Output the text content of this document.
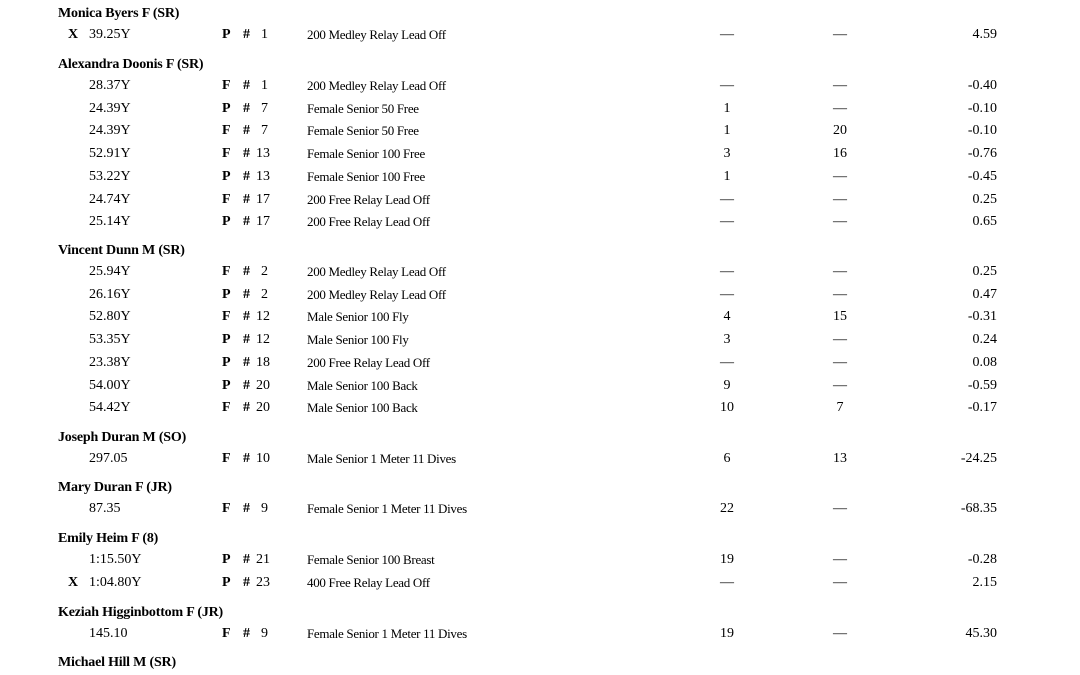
Monica Byers F (SR)
X 39.25Y	P # 1	200 Medley Relay Lead Off	—	—	4.59
Alexandra Doonis F (SR)
28.37Y	F # 1	200 Medley Relay Lead Off	—	—	-0.40
24.39Y	P # 7	Female Senior 50 Free	1	—	-0.10
24.39Y	F # 7	Female Senior 50 Free	1	20	-0.10
52.91Y	F # 13	Female Senior 100 Free	3	16	-0.76
53.22Y	P # 13	Female Senior 100 Free	1	—	-0.45
24.74Y	F # 17	200 Free Relay Lead Off	—	—	0.25
25.14Y	P # 17	200 Free Relay Lead Off	—	—	0.65
Vincent Dunn M (SR)
25.94Y	F # 2	200 Medley Relay Lead Off	—	—	0.25
26.16Y	P # 2	200 Medley Relay Lead Off	—	—	0.47
52.80Y	F # 12	Male Senior 100 Fly	4	15	-0.31
53.35Y	P # 12	Male Senior 100 Fly	3	—	0.24
23.38Y	P # 18	200 Free Relay Lead Off	—	—	0.08
54.00Y	P # 20	Male Senior 100 Back	9	—	-0.59
54.42Y	F # 20	Male Senior 100 Back	10	7	-0.17
Joseph Duran M (SO)
297.05	F # 10	Male Senior 1 Meter 11 Dives	6	13	-24.25
Mary Duran F (JR)
87.35	F # 9	Female Senior 1 Meter 11 Dives	22	—	-68.35
Emily Heim F (8)
1:15.50Y	P # 21	Female Senior 100 Breast	19	—	-0.28
X 1:04.80Y	P # 23	400 Free Relay Lead Off	—	—	2.15
Keziah Higginbottom F (JR)
145.10	F # 9	Female Senior 1 Meter 11 Dives	19	—	45.30
Michael Hill M (SR)
